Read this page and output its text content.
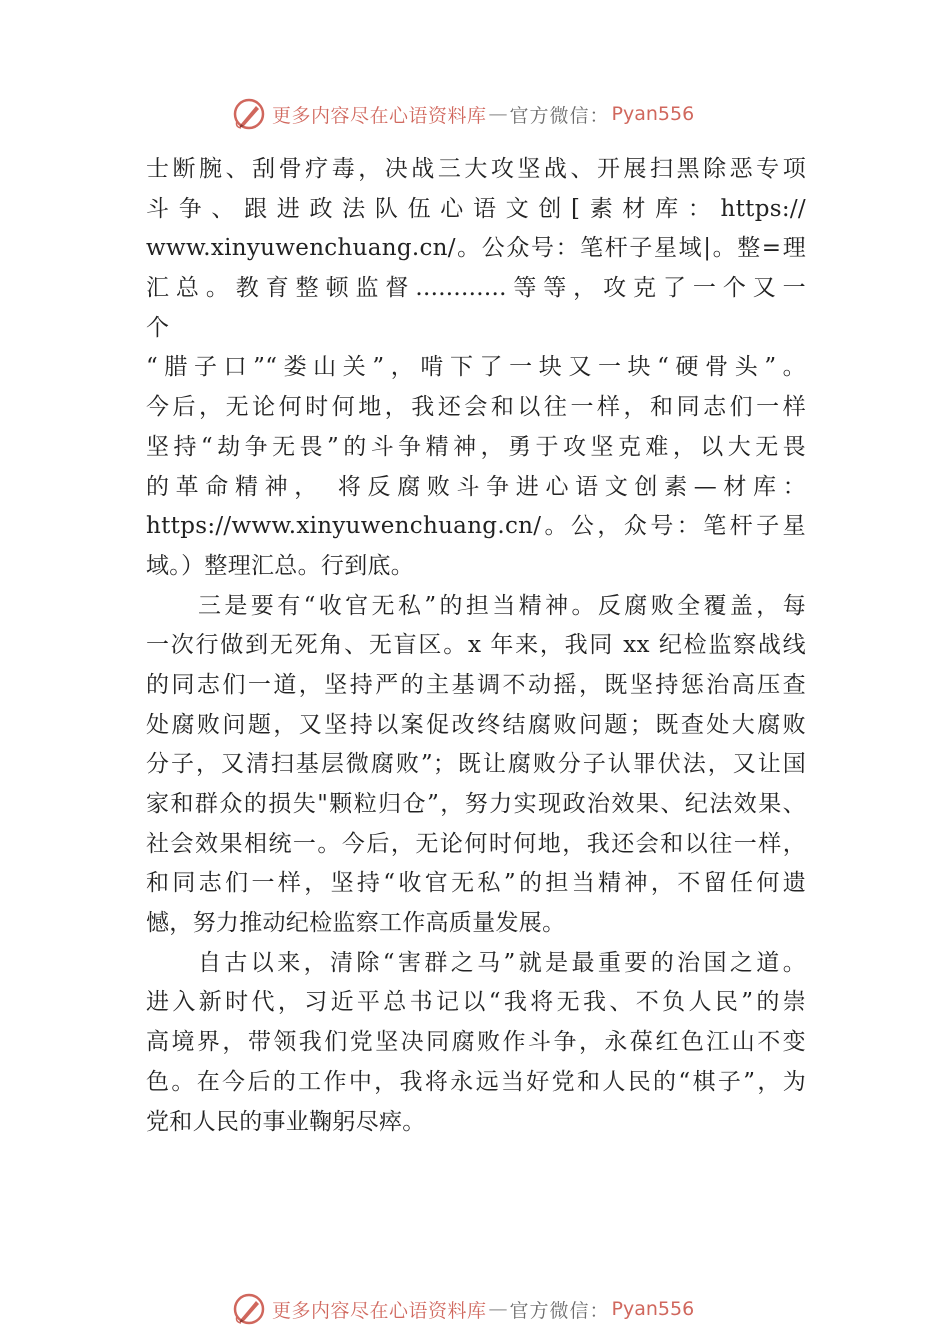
更多内容尽在心语资料库 — 官方微信： Pyan556
士断腕、刮骨疗毒，决战三大攻坚战、开展扫黑除恶专项
斗争、跟进政法队伍心语文创[素材库：https://
www.xinyuwenchuang.cn/。公众号：笔杆子星域|。整=理
汇总。教育整顿监督............等等，攻克了一个又一
个
“腊子口”“娄山关”，啃下了一块又一块“硬骨头”。
今后，无论何时何地，我还会和以往一样，和同志们一样
坚持“劫争无畏”的斗争精神，勇于攻坚克难，以大无畏
的革命精神， 将反腐败斗争进心语文创素—材库：
https://www.xinyuwenchuang.cn/。公，众号：笔杆子星
域。）整理汇总。行到底。
三是要有“收官无私”的担当精神。反腐败全覆盖，每
一次行做到无死角、无盲区。x 年来，我同 xx 纪检监察战线
的同志们一道，坚持严的主基调不动摇，既坚持惩治高压查
处腐败问题，又坚持以案促改终结腐败问题；既查处大腐败
分子，又清扫基层微腐败”；既让腐败分子认罪伏法，又让国
家和群众的损失"颗粒归仓”，努力实现政治效果、纪法效果、
社会效果相统一。今后，无论何时何地，我还会和以往一样，
和同志们一样，坚持“收官无私”的担当精神，不留任何遗
憾，努力推动纪检监察工作高质量发展。
自古以来，清除“害群之马”就是最重要的治国之道。
进入新时代，习近平总书记以“我将无我、不负人民”的崇
高境界，带领我们党坚决同腐败作斗争，永葆红色江山不变
色。在今后的工作中，我将永远当好党和人民的“棋子”，为
党和人民的事业鞠躬尽瘁。
更多内容尽在心语资料库 — 官方微信： Pyan556
